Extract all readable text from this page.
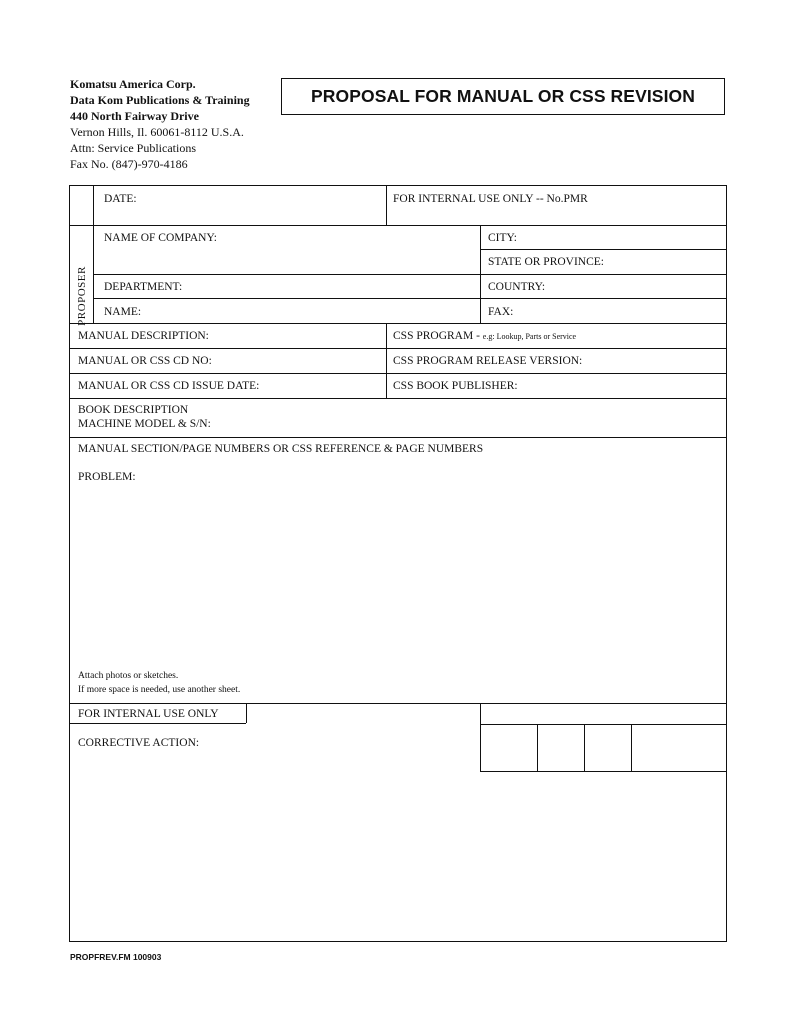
Komatsu America Corp.
Data Kom Publications & Training
440 North Fairway Drive
Vernon Hills, Il. 60061-8112 U.S.A.
Attn: Service Publications
Fax No. (847)-970-4186
PROPOSAL FOR MANUAL OR CSS REVISION
DATE:	FOR INTERNAL USE ONLY -- No.PMR
PROPOSER
NAME OF COMPANY:	CITY:
STATE OR PROVINCE:
DEPARTMENT:	COUNTRY:
NAME:	FAX:
MANUAL DESCRIPTION:	CSS PROGRAM - e.g: Lookup, Parts or Service
MANUAL OR CSS CD NO:	CSS PROGRAM RELEASE VERSION:
MANUAL OR CSS CD ISSUE DATE:	CSS BOOK PUBLISHER:
BOOK DESCRIPTION
MACHINE MODEL & S/N:
MANUAL SECTION/PAGE NUMBERS OR CSS REFERENCE & PAGE NUMBERS
PROBLEM:
Attach photos or sketches.
If more space is needed, use another sheet.
FOR INTERNAL USE ONLY
CORRECTIVE ACTION:
PROPFREV.FM 100903
